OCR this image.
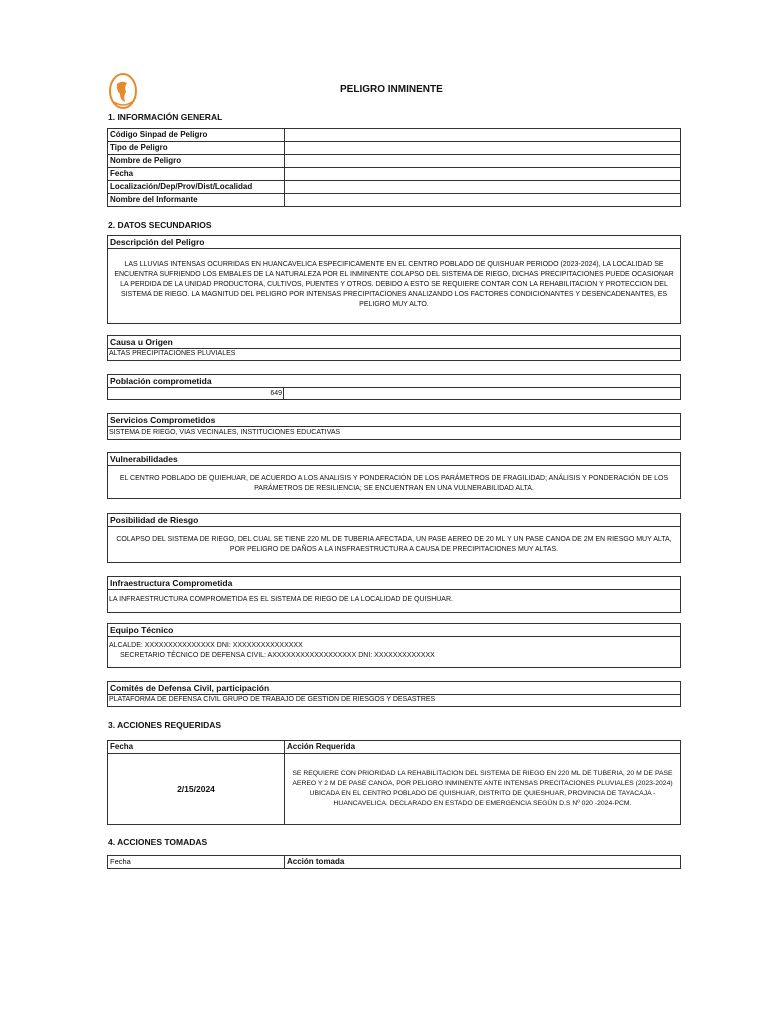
PELIGRO INMINENTE
1. INFORMACIÓN GENERAL
Código Sinpad de Peligro	
Tipo de Peligro	
Nombre de Peligro	
Fecha	
Localización/Dep/Prov/Dist/Localidad	
Nombre del Informante	
2. DATOS SECUNDARIOS
Descripción del Peligro
LAS LLUVIAS INTENSAS OCURRIDAS EN HUANCAVELICA ESPECIFICAMENTE EN EL CENTRO POBLADO DE QUISHUAR PERIODO (2023-2024), LA LOCALIDAD SE ENCUENTRA SUFRIENDO LOS EMBALES DE LA NATURALEZA POR EL INMINENTE COLAPSO DEL SISTEMA DE RIEGO, DICHAS PRECIPITACIONES PUEDE OCASIONAR LA PERDIDA DE LA UNIDAD PRODUCTORA, CULTIVOS, PUENTES Y OTROS. DEBIDO A ESTO SE REQUIERE CONTAR CON LA REHABILITACION Y PROTECCION DEL SISTEMA DE RIEGO. LA MAGNITUD DEL PELIGRO POR INTENSAS PRECIPITACIONES ANALIZANDO LOS FACTORES CONDICIONANTES Y DESENCADENANTES, ES PELIGRO MUY ALTO.
Causa u Origen
ALTAS PRECIPITACIONES PLUVIALES
Población comprometida
649
Servicios Comprometidos
SISTEMA DE RIEGO, VIAS VECINALES, INSTITUCIONES EDUCATIVAS
Vulnerabilidades
EL CENTRO POBLADO DE QUIEHUAR, DE ACUERDO A LOS ANALISIS Y PONDERACIÓN DE LOS PARÁMETROS DE FRAGILIDAD; ANÁLISIS Y PONDERACIÓN DE LOS PARÁMETROS DE RESILIENCIA; SE ENCUENTRAN EN UNA VULNERABILIDAD ALTA.
Posibilidad de Riesgo
COLAPSO DEL SISTEMA DE RIEGO, DEL CUAL SE TIENE 220 ML DE TUBERIA AFECTADA, UN PASE AEREO DE 20 ML Y UN PASE CANOA DE 2M EN RIESGO MUY ALTA, POR PELIGRO DE DAÑOS A LA INSFRAESTRUCTURA A CAUSA DE PRECIPITACIONES MUY ALTAS.
Infraestructura Comprometida
LA INFRAESTRUCTURA COMPROMETIDA ES EL SISTEMA DE RIEGO DE LA LOCALIDAD DE QUISHUAR.
Equipo Técnico
ALCALDE: XXXXXXXXXXXXXXX DNI: XXXXXXXXXXXXXXX
SECRETARIO TÉCNICO DE DEFENSA CIVIL: AXXXXXXXXXXXXXXXXXX DNI: XXXXXXXXXXXXX
Comités de Defensa Civil, participación
PLATAFORMA DE DEFENSA CIVIL GRUPO DE TRABAJO DE GESTION DE RIESGOS Y DESASTRES
3. ACCIONES REQUERIDAS
Fecha	Acción Requerida
2/15/2024	SE REQUIERE CON PRIORIDAD LA REHABILITACION DEL SISTEMA DE RIEGO EN 220 ML DE TUBERIA, 20 M DE PASE AEREO Y 2 M DE PASE CANOA, POR PELIGRO INMINENTE ANTE INTENSAS PRECITACIONES PLUVIALES (2023-2024) UBICADA EN EL CENTRO POBLADO DE QUISHUAR, DISTRITO DE QUIESHUAR, PROVINCIA DE TAYACAJA -HUANCAVELICA. DECLARADO EN ESTADO DE EMERGENCIA SEGÚN D.S Nº 020 -2024-PCM.
4. ACCIONES TOMADAS
Fecha	Acción tomada
